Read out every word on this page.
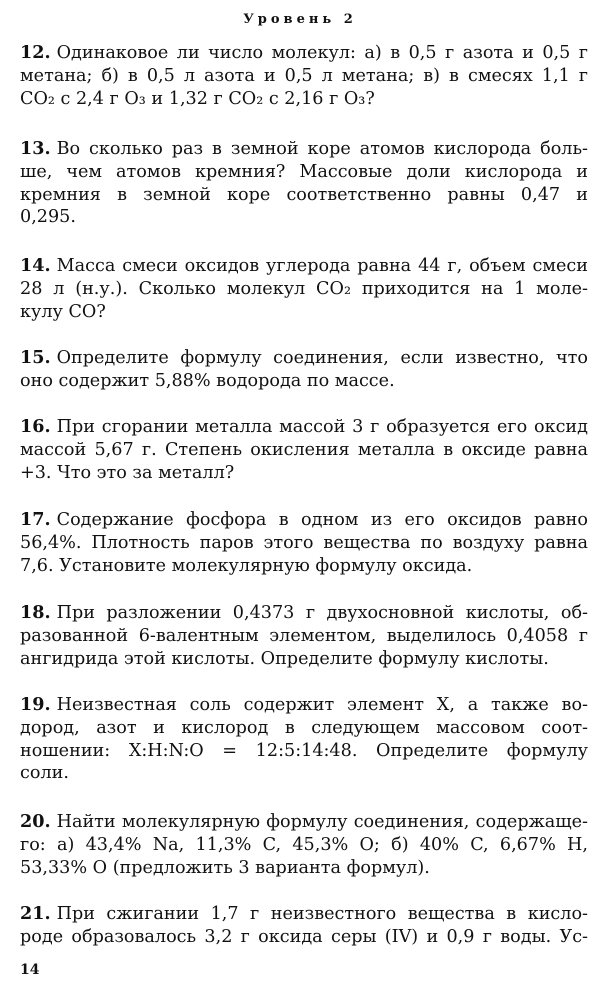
Уровень 2
12. Одинаковое ли число молекул: а) в 0,5 г азота и 0,5 г
метана; б) в 0,5 л азота и 0,5 л метана; в) в смесях 1,1 г
CO₂ с 2,4 г O₃ и 1,32 г CO₂ с 2,16 г O₃?
13. Во сколько раз в земной коре атомов кислорода боль-
ше, чем атомов кремния? Массовые доли кислорода и
кремния в земной коре соответственно равны 0,47 и
0,295.
14. Масса смеси оксидов углерода равна 44 г, объем смеси
28 л (н.у.). Сколько молекул CO₂ приходится на 1 моле-
кулу CO?
15. Определите формулу соединения, если известно, что
оно содержит 5,88% водорода по массе.
16. При сгорании металла массой 3 г образуется его оксид
массой 5,67 г. Степень окисления металла в оксиде равна
+3. Что это за металл?
17. Содержание фосфора в одном из его оксидов равно
56,4%. Плотность паров этого вещества по воздуху равна
7,6. Установите молекулярную формулу оксида.
18. При разложении 0,4373 г двухосновной кислоты, об-
разованной 6-валентным элементом, выделилось 0,4058 г
ангидрида этой кислоты. Определите формулу кислоты.
19. Неизвестная соль содержит элемент X, а также во-
дород, азот и кислород в следующем массовом соот-
ношении: X:H:N:O = 12:5:14:48. Определите формулу
соли.
20. Найти молекулярную формулу соединения, содержаще-
го: а) 43,4% Na, 11,3% C, 45,3% O; б) 40% C, 6,67% H,
53,33% O (предложить 3 варианта формул).
21. При сжигании 1,7 г неизвестного вещества в кисло-
роде образовалось 3,2 г оксида серы (IV) и 0,9 г воды. Ус-
14
